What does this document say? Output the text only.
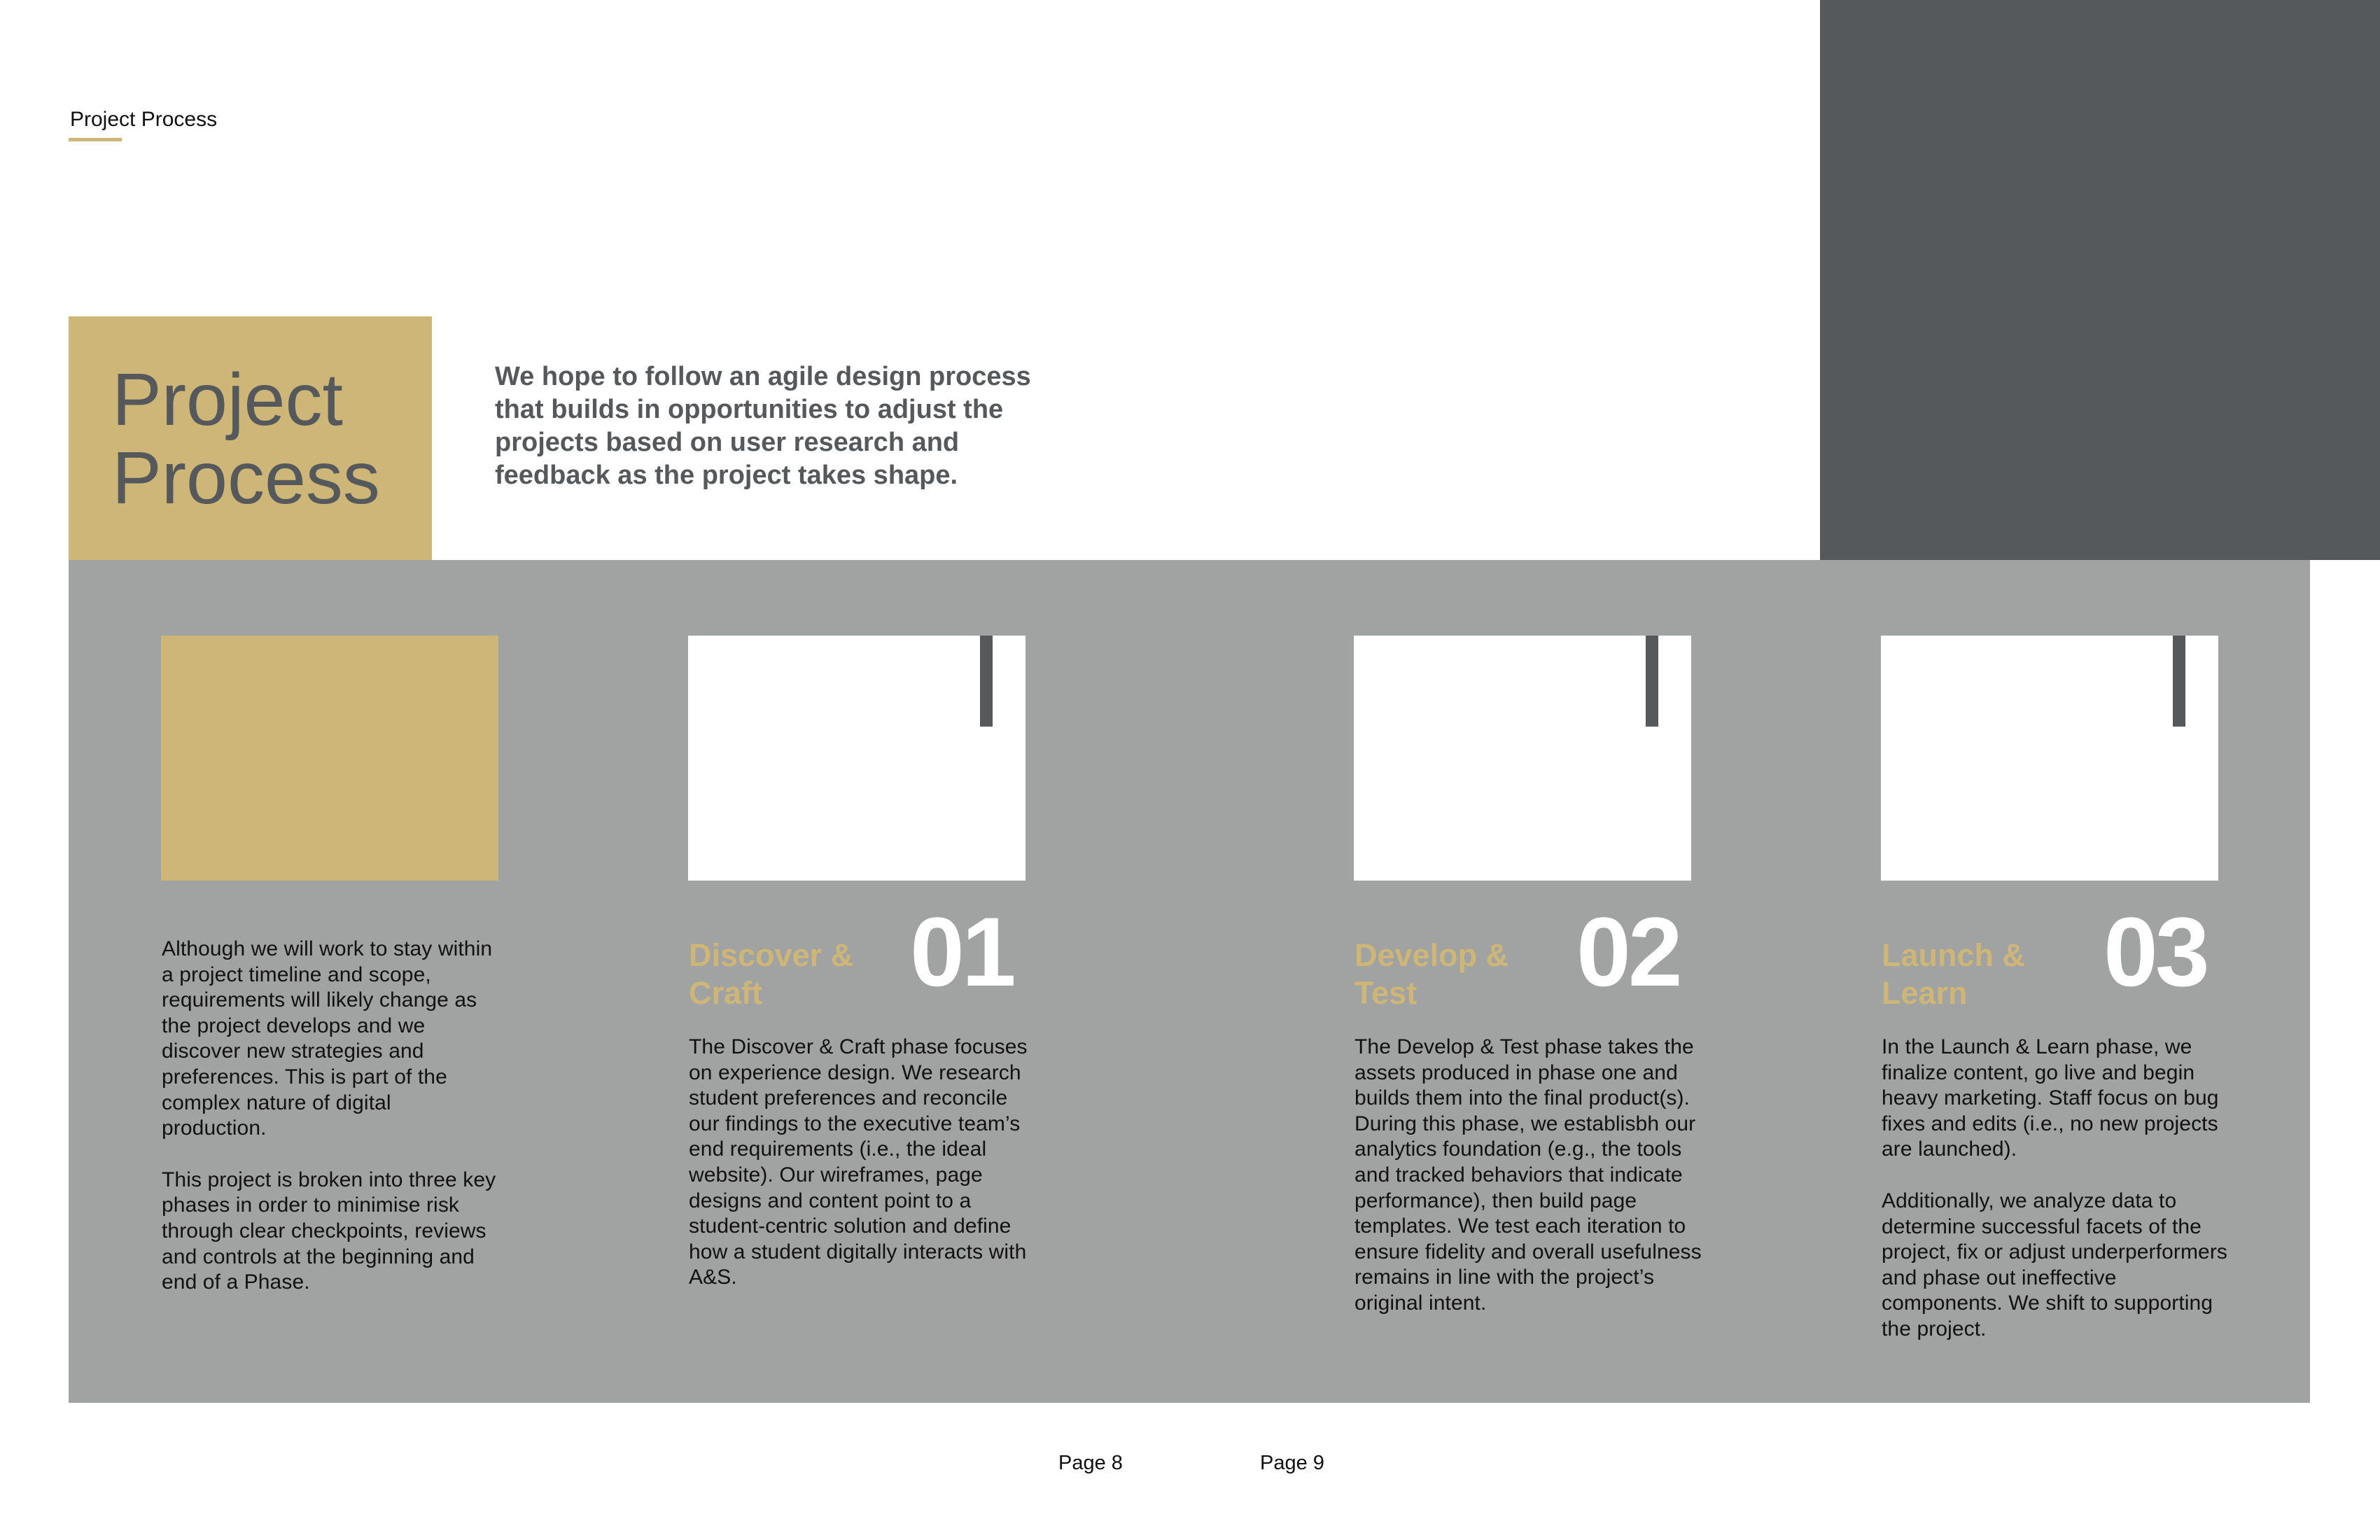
Project Process
Project
Process
We hope to follow an agile design process that builds in opportunities to adjust the projects based on user research and feedback as the project takes shape.

Although we will work to stay within a project timeline and scope, requirements will likely change as the project develops and we discover new strategies and preferences. This is part of the complex nature of digital production.

This project is broken into three key phases in order to minimise risk through clear checkpoints, reviews and controls at the beginning and end of a Phase.

Discover &
Craft	01

The Discover & Craft phase focuses on experience design. We research student preferences and reconcile our findings to the executive team’s end requirements (i.e., the ideal website). Our wireframes, page designs and content point to a student-centric solution and define how a student digitally interacts with A&S.

Develop &
Test	02

The Develop & Test phase takes the assets produced in phase one and builds them into the final product(s). During this phase, we establisbh our analytics foundation (e.g., the tools and tracked behaviors that indicate performance), then build page templates. We test each iteration to ensure fidelity and overall usefulness remains in line with the project’s original intent.

Launch &
Learn	03

In the Launch & Learn phase, we finalize content, go live and begin heavy marketing. Staff focus on bug fixes and edits (i.e., no new projects are launched).

Additionally, we analyze data to determine successful facets of the project, fix or adjust underperformers and phase out ineffective components. We shift to supporting the project.

Page 8	Page 9
